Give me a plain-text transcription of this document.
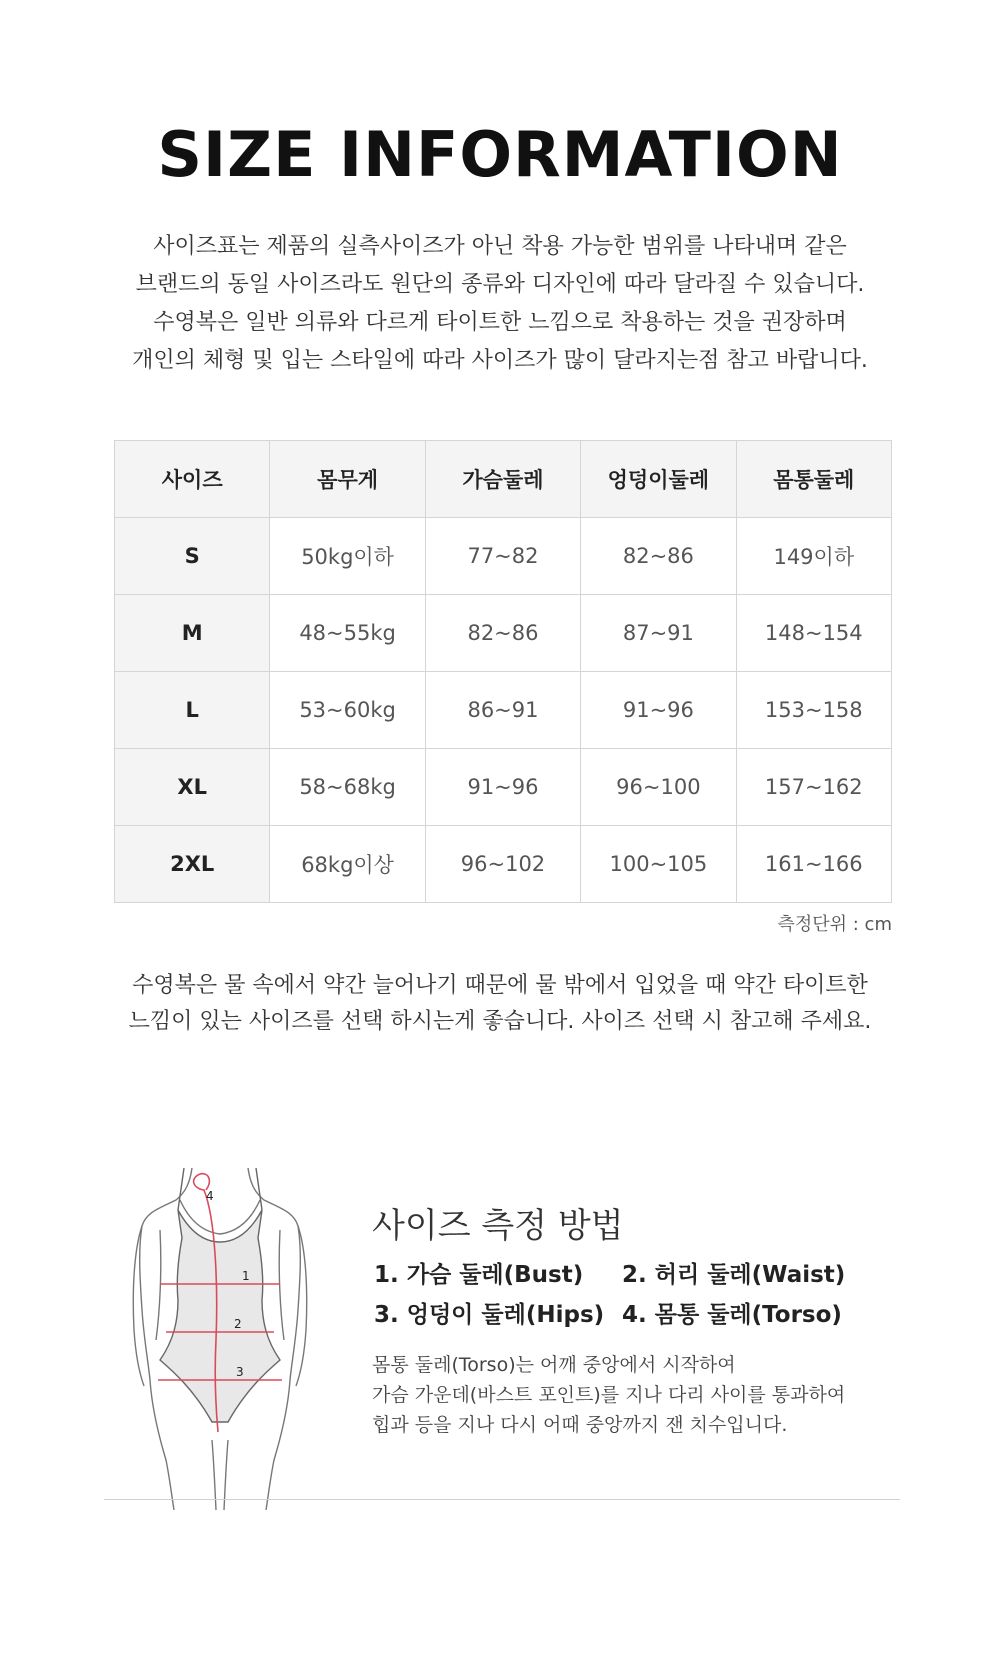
SIZE INFORMATION
사이즈표는 제품의 실측사이즈가 아닌 착용 가능한 범위를 나타내며 같은
브랜드의 동일 사이즈라도 원단의 종류와 디자인에 따라 달라질 수 있습니다.
수영복은 일반 의류와 다르게 타이트한 느낌으로 착용하는 것을 권장하며
개인의 체형 및 입는 스타일에 따라 사이즈가 많이 달라지는점 참고 바랍니다.
사이즈	몸무게	가슴둘레	엉덩이둘레	몸통둘레
S	50kg이하	77~82	82~86	149이하
M	48~55kg	82~86	87~91	148~154
L	53~60kg	86~91	91~96	153~158
XL	58~68kg	91~96	96~100	157~162
2XL	68kg이상	96~102	100~105	161~166
측정단위 : cm
수영복은 물 속에서 약간 늘어나기 때문에 물 밖에서 입었을 때 약간 타이트한
느낌이 있는 사이즈를 선택 하시는게 좋습니다. 사이즈 선택 시 참고해 주세요.
1
2
3
4
사이즈 측정 방법
1. 가슴 둘레(Bust)	2. 허리 둘레(Waist)
3. 엉덩이 둘레(Hips) 4. 몸통 둘레(Torso)
몸통 둘레(Torso)는 어깨 중앙에서 시작하여
가슴 가운데(바스트 포인트)를 지나 다리 사이를 통과하여
힙과 등을 지나 다시 어때 중앙까지 잰 치수입니다.
